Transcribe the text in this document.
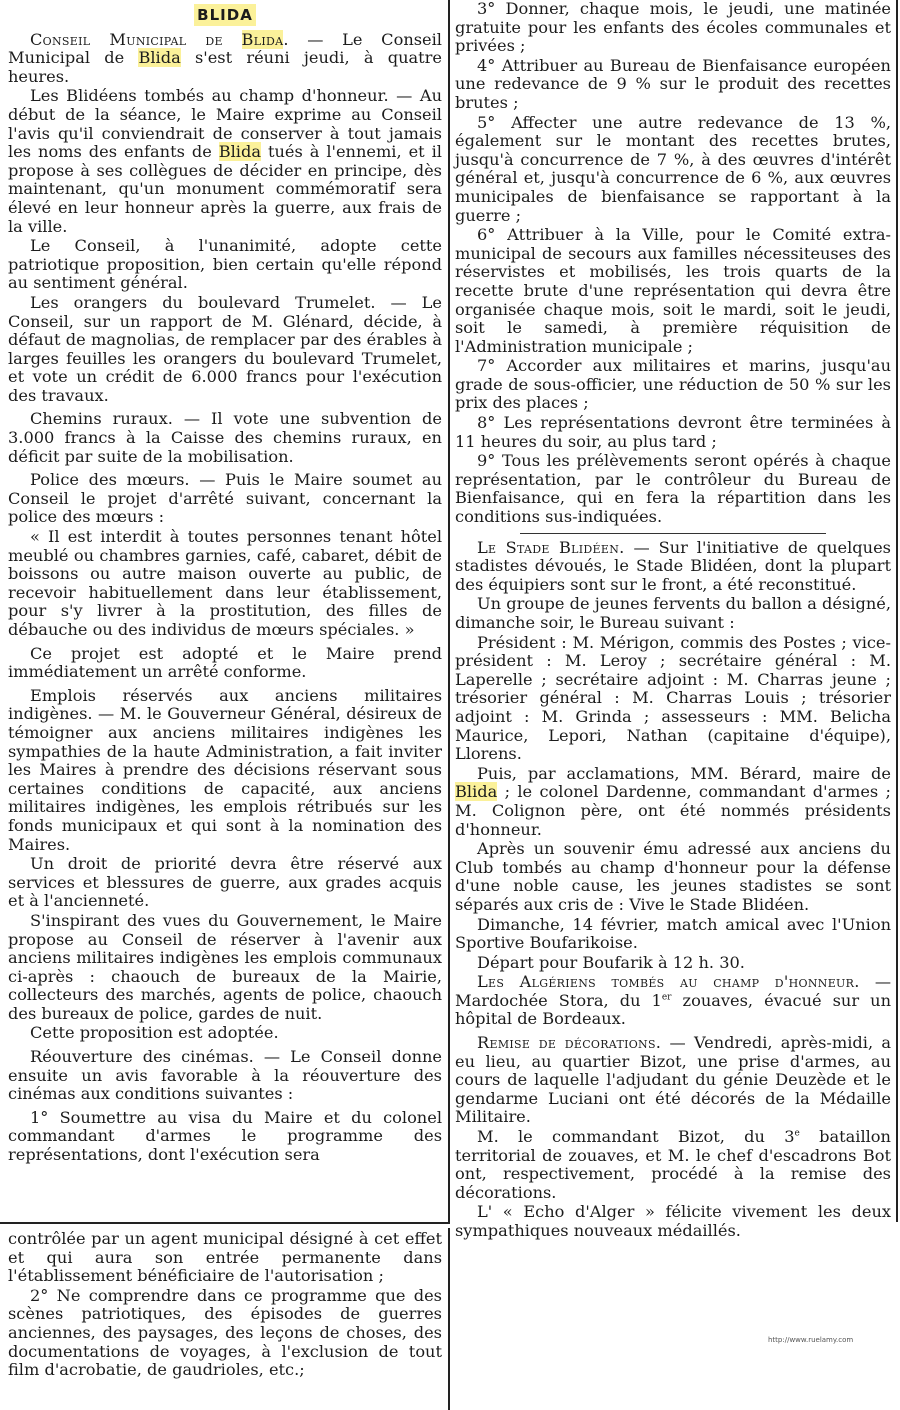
BLIDA

Conseil Municipal de Blida. — Le Conseil Municipal de Blida s'est réuni jeudi, à quatre heures.

Les Blidéens tombés au champ d'honneur. — Au début de la séance, le Maire exprime au Conseil l'avis qu'il conviendrait de conserver à tout jamais les noms des enfants de Blida tués à l'ennemi, et il propose à ses collègues de décider en principe, dès maintenant, qu'un monument commémoratif sera élevé en leur honneur après la guerre, aux frais de la ville.

Le Conseil, à l'unanimité, adopte cette patriotique proposition, bien certain qu'elle répond au sentiment général.

Les orangers du boulevard Trumelet. — Le Conseil, sur un rapport de M. Glénard, décide, à défaut de magnolias, de remplacer par des érables à larges feuilles les orangers du boulevard Trumelet, et vote un crédit de 6.000 francs pour l'exécution des travaux.

Chemins ruraux. — Il vote une subvention de 3.000 francs à la Caisse des chemins ruraux, en déficit par suite de la mobilisation.

Police des mœurs. — Puis le Maire soumet au Conseil le projet d'arrêté suivant, concernant la police des mœurs :

« Il est interdit à toutes personnes tenant hôtel meublé ou chambres garnies, café, cabaret, débit de boissons ou autre maison ouverte au public, de recevoir habituellement dans leur établissement, pour s'y livrer à la prostitution, des filles de débauche ou des individus de mœurs spéciales. »

Ce projet est adopté et le Maire prend immédiatement un arrêté conforme.

Emplois réservés aux anciens militaires indigènes. — M. le Gouverneur Général, désireux de témoigner aux anciens militaires indigènes les sympathies de la haute Administration, a fait inviter les Maires à prendre des décisions réservant sous certaines conditions de capacité, aux anciens militaires indigènes, les emplois rétribués sur les fonds municipaux et qui sont à la nomination des Maires.

Un droit de priorité devra être réservé aux services et blessures de guerre, aux grades acquis et à l'ancienneté.

S'inspirant des vues du Gouvernement, le Maire propose au Conseil de réserver à l'avenir aux anciens militaires indigènes les emplois communaux ci-après : chaouch de bureaux de la Mairie, collecteurs des marchés, agents de police, chaouch des bureaux de police, gardes de nuit.

Cette proposition est adoptée.

Réouverture des cinémas. — Le Conseil donne ensuite un avis favorable à la réouverture des cinémas aux conditions suivantes :

1° Soumettre au visa du Maire et du colonel commandant d'armes le programme des représentations, dont l'exécution sera

3° Donner, chaque mois, le jeudi, une matinée gratuite pour les enfants des écoles communales et privées ;

4° Attribuer au Bureau de Bienfaisance européen une redevance de 9 % sur le produit des recettes brutes ;

5° Affecter une autre redevance de 13 %, également sur le montant des recettes brutes, jusqu'à concurrence de 7 %, à des œuvres d'intérêt général et, jusqu'à concurrence de 6 %, aux œuvres municipales de bienfaisance se rapportant à la guerre ;

6° Attribuer à la Ville, pour le Comité extra-municipal de secours aux familles nécessiteuses des réservistes et mobilisés, les trois quarts de la recette brute d'une représentation qui devra être organisée chaque mois, soit le mardi, soit le jeudi, soit le samedi, à première réquisition de l'Administration municipale ;

7° Accorder aux militaires et marins, jusqu'au grade de sous-officier, une réduction de 50 % sur les prix des places ;

8° Les représentations devront être terminées à 11 heures du soir, au plus tard ;

9° Tous les prélèvements seront opérés à chaque représentation, par le contrôleur du Bureau de Bienfaisance, qui en fera la répartition dans les conditions sus-indiquées.

Le Stade Blidéen. — Sur l'initiative de quelques stadistes dévoués, le Stade Blidéen, dont la plupart des équipiers sont sur le front, a été reconstitué.

Un groupe de jeunes fervents du ballon a désigné, dimanche soir, le Bureau suivant :

Président : M. Mérigon, commis des Postes ; vice-président : M. Leroy ; secrétaire général : M. Laperelle ; secrétaire adjoint : M. Charras jeune ; trésorier général : M. Charras Louis ; trésorier adjoint : M. Grinda ; assesseurs : MM. Belicha Maurice, Lepori, Nathan (capitaine d'équipe), Llorens.

Puis, par acclamations, MM. Bérard, maire de Blida ; le colonel Dardenne, commandant d'armes ; M. Colignon père, ont été nommés présidents d'honneur.

Après un souvenir ému adressé aux anciens du Club tombés au champ d'honneur pour la défense d'une noble cause, les jeunes stadistes se sont séparés aux cris de : Vive le Stade Blidéen.

Dimanche, 14 février, match amical avec l'Union Sportive Boufarikoise.

Départ pour Boufarik à 12 h. 30.

Les Algériens tombés au champ d'honneur. — Mardochée Stora, du 1er zouaves, évacué sur un hôpital de Bordeaux.

Remise de décorations. — Vendredi, après-midi, a eu lieu, au quartier Bizot, une prise d'armes, au cours de laquelle l'adjudant du génie Deuzède et le gendarme Luciani ont été décorés de la Médaille Militaire.

M. le commandant Bizot, du 3e bataillon territorial de zouaves, et M. le chef d'escadrons Bot ont, respectivement, procédé à la remise des décorations.

L' « Echo d'Alger » félicite vivement les deux sympathiques nouveaux médaillés.

contrôlée par un agent municipal désigné à cet effet et qui aura son entrée permanente dans l'établissement bénéficiaire de l'autorisation ;

2° Ne comprendre dans ce programme que des scènes patriotiques, des épisodes de guerres anciennes, des paysages, des leçons de choses, des documentations de voyages, à l'exclusion de tout film d'acrobatie, de gaudrioles, etc.;

http://www.ruelamy.com
